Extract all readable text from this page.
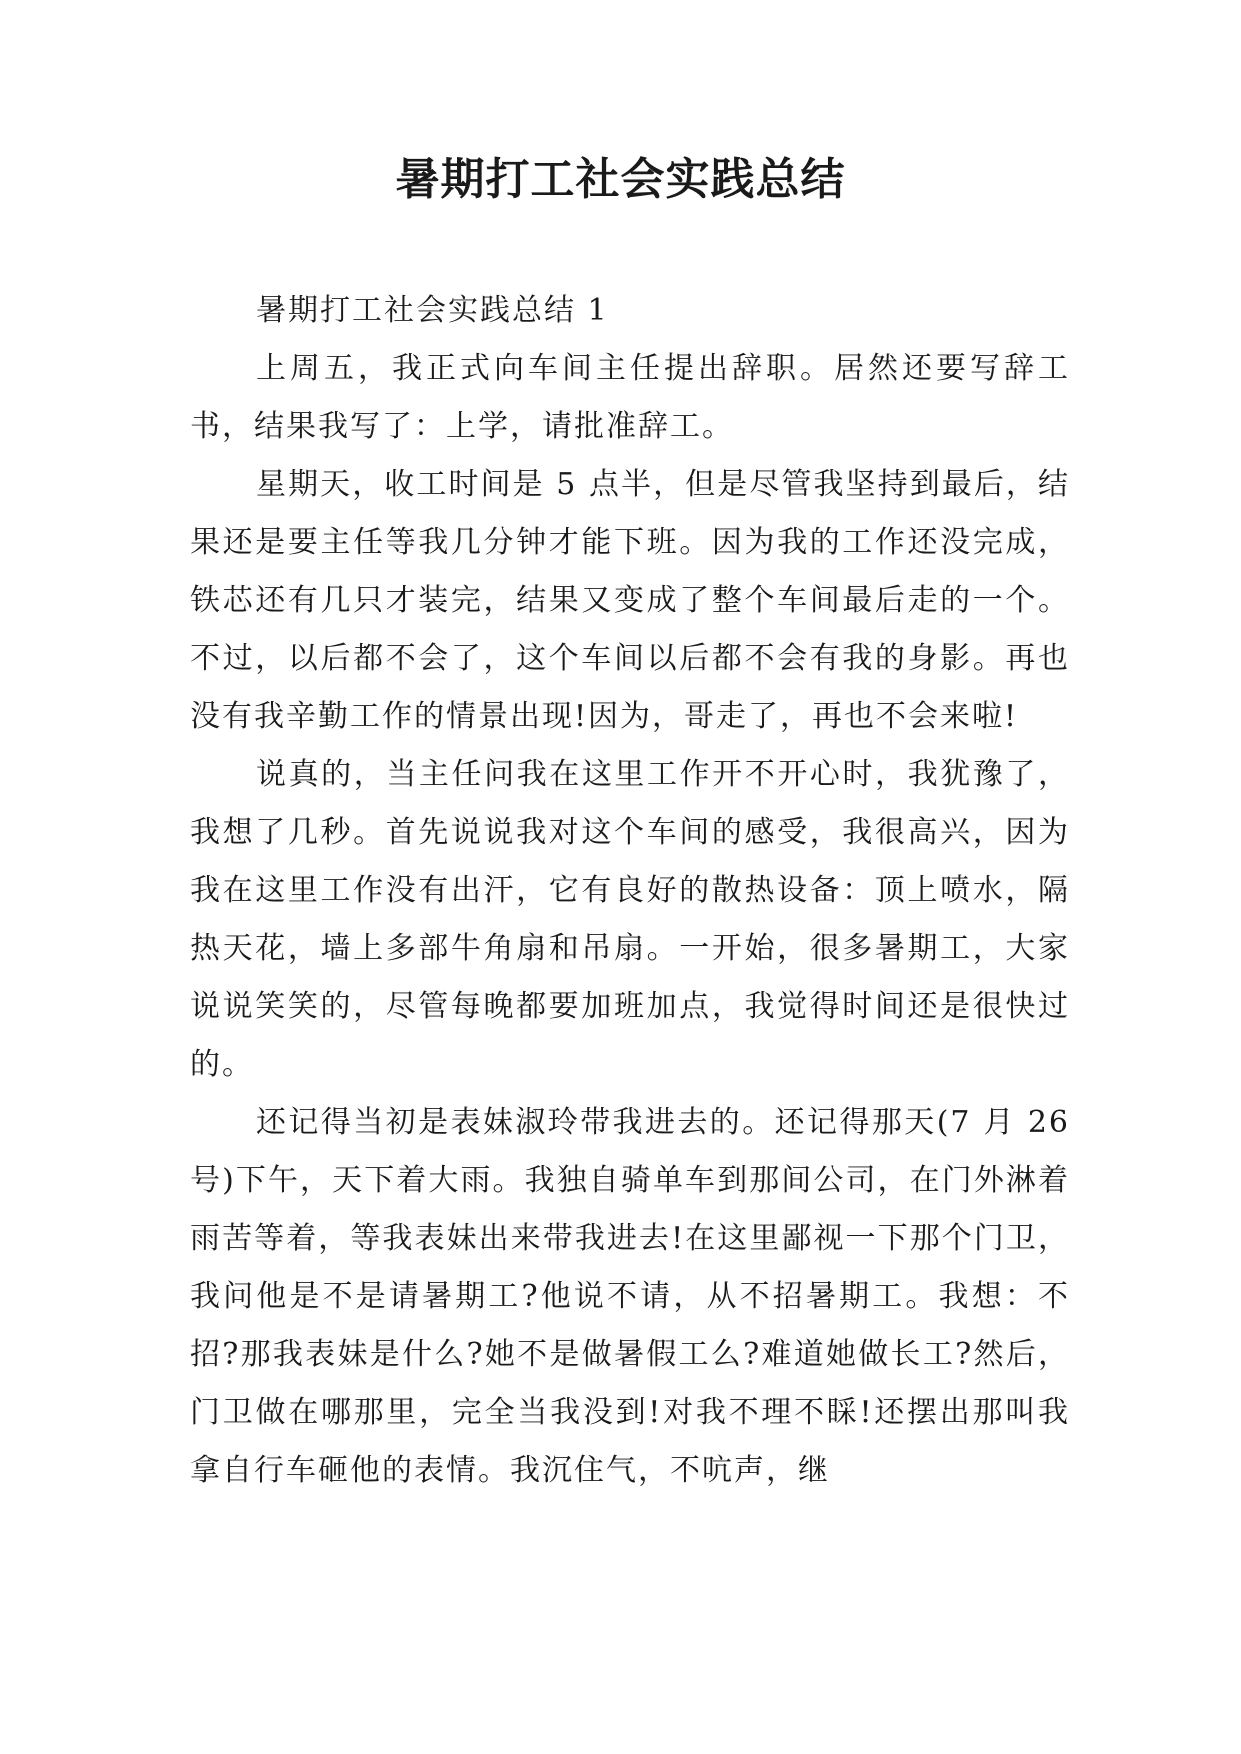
暑期打工社会实践总结

暑期打工社会实践总结 1

上周五，我正式向车间主任提出辞职。居然还要写辞工书，结果我写了：上学，请批准辞工。

星期天，收工时间是 5 点半，但是尽管我坚持到最后，结果还是要主任等我几分钟才能下班。因为我的工作还没完成，铁芯还有几只才装完，结果又变成了整个车间最后走的一个。不过，以后都不会了，这个车间以后都不会有我的身影。再也没有我辛勤工作的情景出现!因为，哥走了，再也不会来啦!

说真的，当主任问我在这里工作开不开心时，我犹豫了，我想了几秒。首先说说我对这个车间的感受，我很高兴，因为我在这里工作没有出汗，它有良好的散热设备：顶上喷水，隔热天花，墙上多部牛角扇和吊扇。一开始，很多暑期工，大家说说笑笑的，尽管每晚都要加班加点，我觉得时间还是很快过的。

还记得当初是表妹淑玲带我进去的。还记得那天(7 月 26 号)下午，天下着大雨。我独自骑单车到那间公司，在门外淋着雨苦等着，等我表妹出来带我进去!在这里鄙视一下那个门卫，我问他是不是请暑期工?他说不请，从不招暑期工。我想：不招?那我表妹是什么?她不是做暑假工么?难道她做长工?然后，门卫做在哪那里，完全当我没到!对我不理不睬!还摆出那叫我拿自行车砸他的表情。我沉住气，不吭声，继
